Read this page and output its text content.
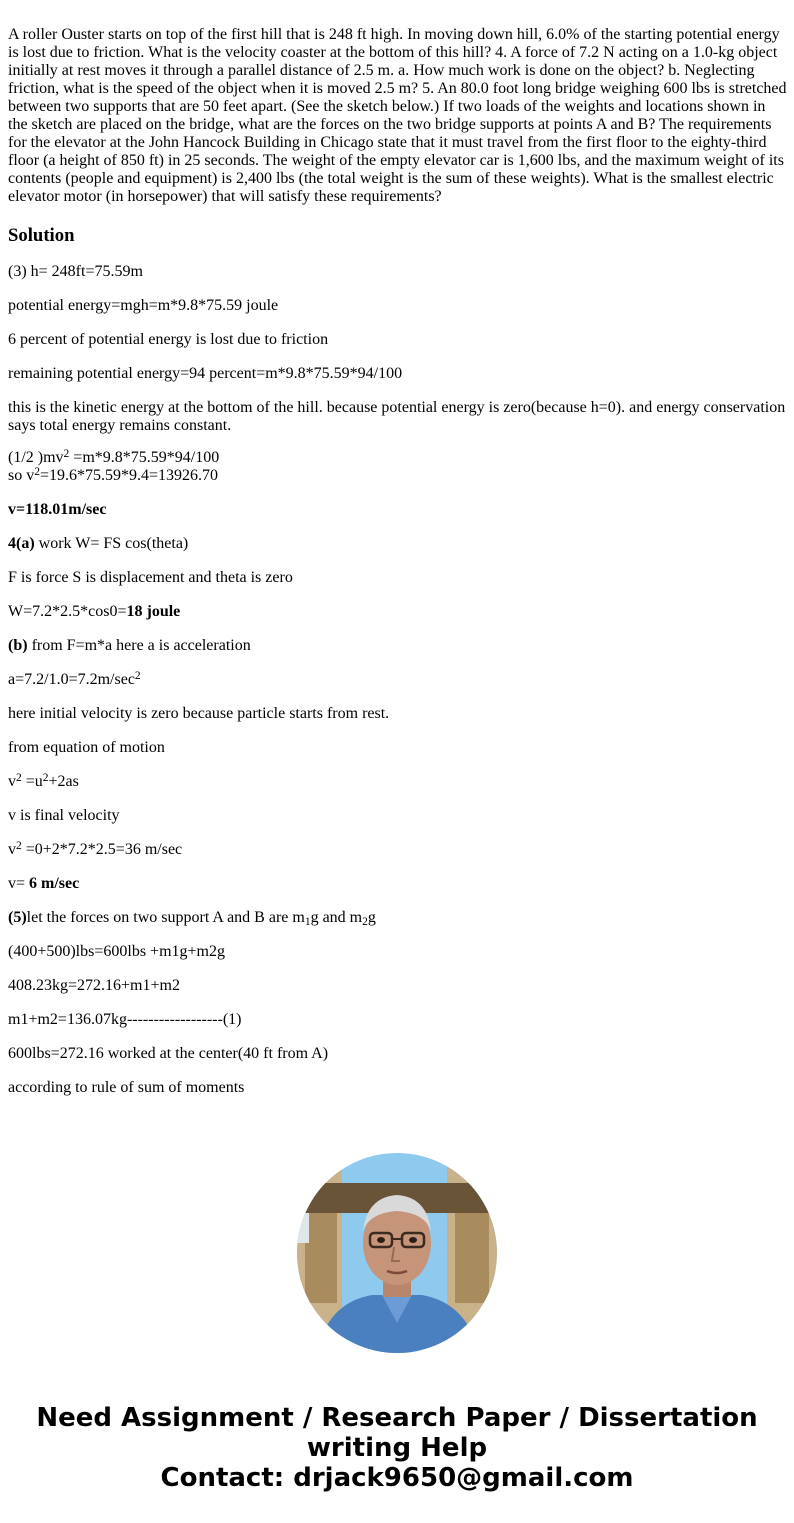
A roller Ouster starts on top of the first hill that is 248 ft high. In moving down hill, 6.0% of the starting potential energy is lost due to friction. What is the velocity coaster at the bottom of this hill? 4. A force of 7.2 N acting on a 1.0-kg object initially at rest moves it through a parallel distance of 2.5 m. a. How much work is done on the object? b. Neglecting friction, what is the speed of the object when it is moved 2.5 m? 5. An 80.0 foot long bridge weighing 600 lbs is stretched between two supports that are 50 feet apart. (See the sketch below.) If two loads of the weights and locations shown in the sketch are placed on the bridge, what are the forces on the two bridge supports at points A and B? The requirements for the elevator at the John Hancock Building in Chicago state that it must travel from the first floor to the eighty-third floor (a height of 850 ft) in 25 seconds. The weight of the empty elevator car is 1,600 lbs, and the maximum weight of its contents (people and equipment) is 2,400 lbs (the total weight is the sum of these weights). What is the smallest electric elevator motor (in horsepower) that will satisfy these requirements?

Solution

(3) h= 248ft=75.59m

potential energy=mgh=m*9.8*75.59 joule

6 percent of potential energy is lost due to friction

remaining potential energy=94 percent=m*9.8*75.59*94/100

this is the kinetic energy at the bottom of the hill. because potential energy is zero(because h=0). and energy conservation says total energy remains constant.

(1/2 )$mv^2 =m*9.8*75.59*94/100$
so $v^2=19.6*75.59*9.4=13926.70$

v=118.01m/sec

4(a) work W= FS cos(theta)

F is force S is displacement and theta is zero

W=7.2*2.5*cos0=18 joule

(b) from F=m*a here a is acceleration

$a=7.2/1.0=7.2m/\sec^2$

here initial velocity is zero because particle starts from rest.

from equation of motion

$v^2 =u^2+2as$

v is final velocity

$v^2 =0+2*7.2*2.5=36$ m/sec

v= 6 m/sec

(5)let the forces on two support A and B are $m_1g$ and $m_2g$

(400+500)lbs=600lbs +m1g+m2g

408.23kg=272.16+m1+m2

m1+m2=136.07kg------------------(1)

600lbs=272.16 worked at the center(40 ft from A)

according to rule of sum of moments

Need Assignment / Research Paper / Dissertation
writing Help
Contact: drjack9650@gmail.com
